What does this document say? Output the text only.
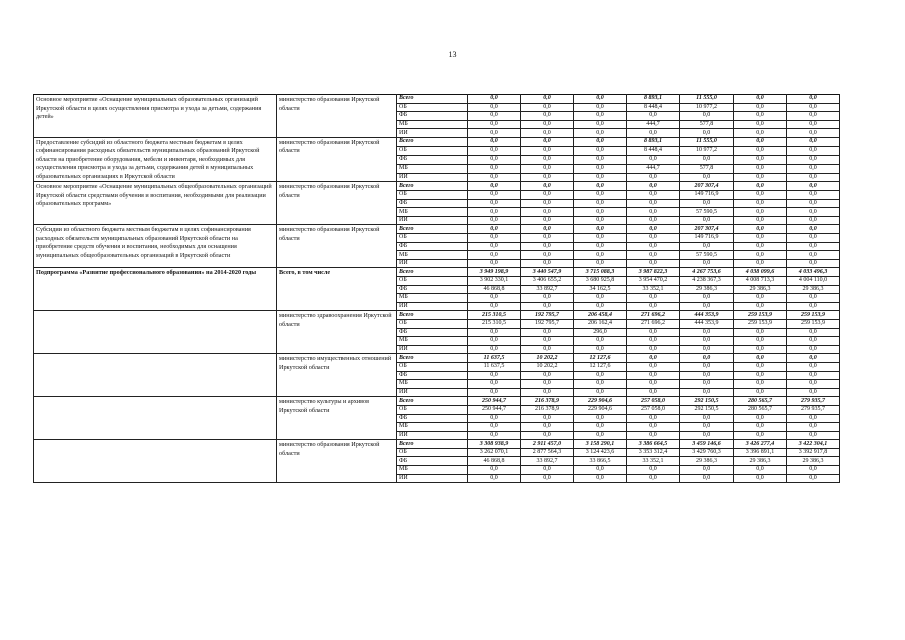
13
Основное мероприятие «Оснащение муниципальных образовательных организаций Иркутской области в целях осуществления присмотра и ухода за детьми, содержания детей»	министерство образования Иркутской области	Всего	0,0	0,0	0,0	8 893,1	11 555,0	0,0	0,0
		ОБ	0,0	0,0	0,0	8 448,4	10 977,2	0,0	0,0
		ФБ	0,0	0,0	0,0	0,0	0,0	0,0	0,0
		МБ	0,0	0,0	0,0	444,7	577,8	0,0	0,0
		ИИ	0,0	0,0	0,0	0,0	0,0	0,0	0,0
Предоставление субсидий из областного бюджета местным бюджетам в целях софинансирования расходных обязательств муниципальных образований Иркутской области на приобретение оборудования, мебели и инвентаря, необходимых для осуществления присмотра и ухода за детьми, содержания детей в муниципальных образовательных организациях в Иркутской области	министерство образования Иркутской области	Всего	0,0	0,0	0,0	8 893,1	11 555,0	0,0	0,0
		ОБ	0,0	0,0	0,0	8 448,4	10 977,2	0,0	0,0
		ФБ	0,0	0,0	0,0	0,0	0,0	0,0	0,0
		МБ	0,0	0,0	0,0	444,7	577,8	0,0	0,0
		ИИ	0,0	0,0	0,0	0,0	0,0	0,0	0,0
Основное мероприятие «Оснащение муниципальных общеобразовательных организаций Иркутской области средствами обучения и воспитания, необходимыми для реализации образовательных программ»	министерство образования Иркутской области	Всего	0,0	0,0	0,0	0,0	207 307,4	0,0	0,0
		ОБ	0,0	0,0	0,0	0,0	149 716,9	0,0	0,0
		ФБ	0,0	0,0	0,0	0,0	0,0	0,0	0,0
		МБ	0,0	0,0	0,0	0,0	57 590,5	0,0	0,0
		ИИ	0,0	0,0	0,0	0,0	0,0	0,0	0,0
Субсидии из областного бюджета местным бюджетам в целях софинансирования расходных обязательств муниципальных образований Иркутской области на приобретение средств обучения и воспитания, необходимых для оснащения муниципальных общеобразовательных организаций в Иркутской области	министерство образования Иркутской области	Всего	0,0	0,0	0,0	0,0	207 307,4	0,0	0,0
		ОБ	0,0	0,0	0,0	0,0	149 716,9	0,0	0,0
		ФБ	0,0	0,0	0,0	0,0	0,0	0,0	0,0
		МБ	0,0	0,0	0,0	0,0	57 590,5	0,0	0,0
		ИИ	0,0	0,0	0,0	0,0	0,0	0,0	0,0
Подпрограмма «Развитие профессионального образования» на 2014-2020 годы	Всего, в том числе	Всего	3 949 198,9	3 440 547,9	3 715 088,3	3 987 822,3	4 267 753,6	4 038 099,6	4 033 496,3
		ОБ	3 902 330,1	3 406 655,2	3 680 925,8	3 954 470,2	4 238 367,3	4 008 713,3	4 004 110,0
		ФБ	46 868,8	33 892,7	34 162,5	33 352,1	29 386,3	29 386,3	29 386,3
		МБ	0,0	0,0	0,0	0,0	0,0	0,0	0,0
		ИИ	0,0	0,0	0,0	0,0	0,0	0,0	0,0
	министерство здравоохранения Иркутской области	Всего	215 310,5	192 795,7	206 458,4	271 696,2	444 353,9	259 153,9	259 153,9
		ОБ	215 310,5	192 795,7	206 162,4	271 696,2	444 353,9	259 153,9	259 153,9
		ФБ	0,0	0,0	296,0	0,0	0,0	0,0	0,0
		МБ	0,0	0,0	0,0	0,0	0,0	0,0	0,0
		ИИ	0,0	0,0	0,0	0,0	0,0	0,0	0,0
	министерство имущественных отношений Иркутской области	Всего	11 637,5	10 202,2	12 127,6	0,0	0,0	0,0	0,0
		ОБ	11 637,5	10 202,2	12 127,6	0,0	0,0	0,0	0,0
		ФБ	0,0	0,0	0,0	0,0	0,0	0,0	0,0
		МБ	0,0	0,0	0,0	0,0	0,0	0,0	0,0
		ИИ	0,0	0,0	0,0	0,0	0,0	0,0	0,0
	министерство культуры и архивов Иркутской области	Всего	250 944,7	216 378,9	229 904,6	257 058,0	292 150,5	280 565,7	279 935,7
		ОБ	250 944,7	216 378,9	229 904,6	257 058,0	292 150,5	280 565,7	279 935,7
		ФБ	0,0	0,0	0,0	0,0	0,0	0,0	0,0
		МБ	0,0	0,0	0,0	0,0	0,0	0,0	0,0
		ИИ	0,0	0,0	0,0	0,0	0,0	0,0	0,0
	министерство образования Иркутской области	Всего	3 308 938,9	2 911 457,0	3 158 290,1	3 386 664,5	3 459 146,6	3 426 277,4	3 422 304,1
		ОБ	3 262 070,1	2 877 564,3	3 124 423,6	3 353 312,4	3 429 760,3	3 396 891,1	3 392 917,8
		ФБ	46 868,8	33 892,7	33 866,5	33 352,1	29 386,3	29 386,3	29 386,3
		МБ	0,0	0,0	0,0	0,0	0,0	0,0	0,0
		ИИ	0,0	0,0	0,0	0,0	0,0	0,0	0,0
